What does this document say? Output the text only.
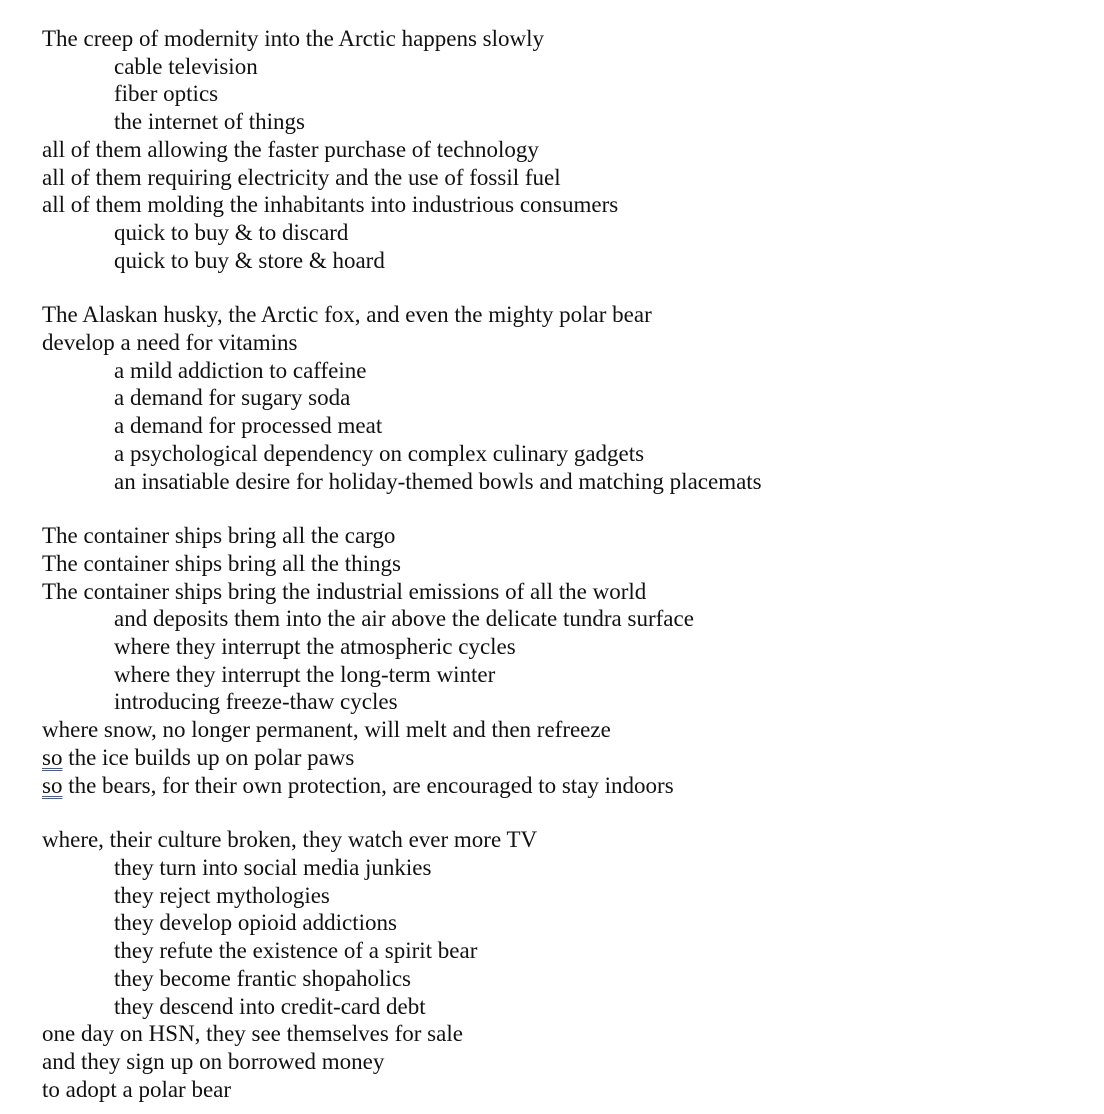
The creep of modernity into the Arctic happens slowly
cable television
fiber optics
the internet of things
all of them allowing the faster purchase of technology
all of them requiring electricity and the use of fossil fuel
all of them molding the inhabitants into industrious consumers
quick to buy & to discard
quick to buy & store & hoard
The Alaskan husky, the Arctic fox, and even the mighty polar bear
develop a need for vitamins
a mild addiction to caffeine
a demand for sugary soda
a demand for processed meat
a psychological dependency on complex culinary gadgets
an insatiable desire for holiday-themed bowls and matching placemats
The container ships bring all the cargo
The container ships bring all the things
The container ships bring the industrial emissions of all the world
and deposits them into the air above the delicate tundra surface
where they interrupt the atmospheric cycles
where they interrupt the long-term winter
introducing freeze-thaw cycles
where snow, no longer permanent, will melt and then refreeze
so the ice builds up on polar paws
so the bears, for their own protection, are encouraged to stay indoors
where, their culture broken, they watch ever more TV
they turn into social media junkies
they reject mythologies
they develop opioid addictions
they refute the existence of a spirit bear
they become frantic shopaholics
they descend into credit-card debt
one day on HSN, they see themselves for sale
and they sign up on borrowed money
to adopt a polar bear
